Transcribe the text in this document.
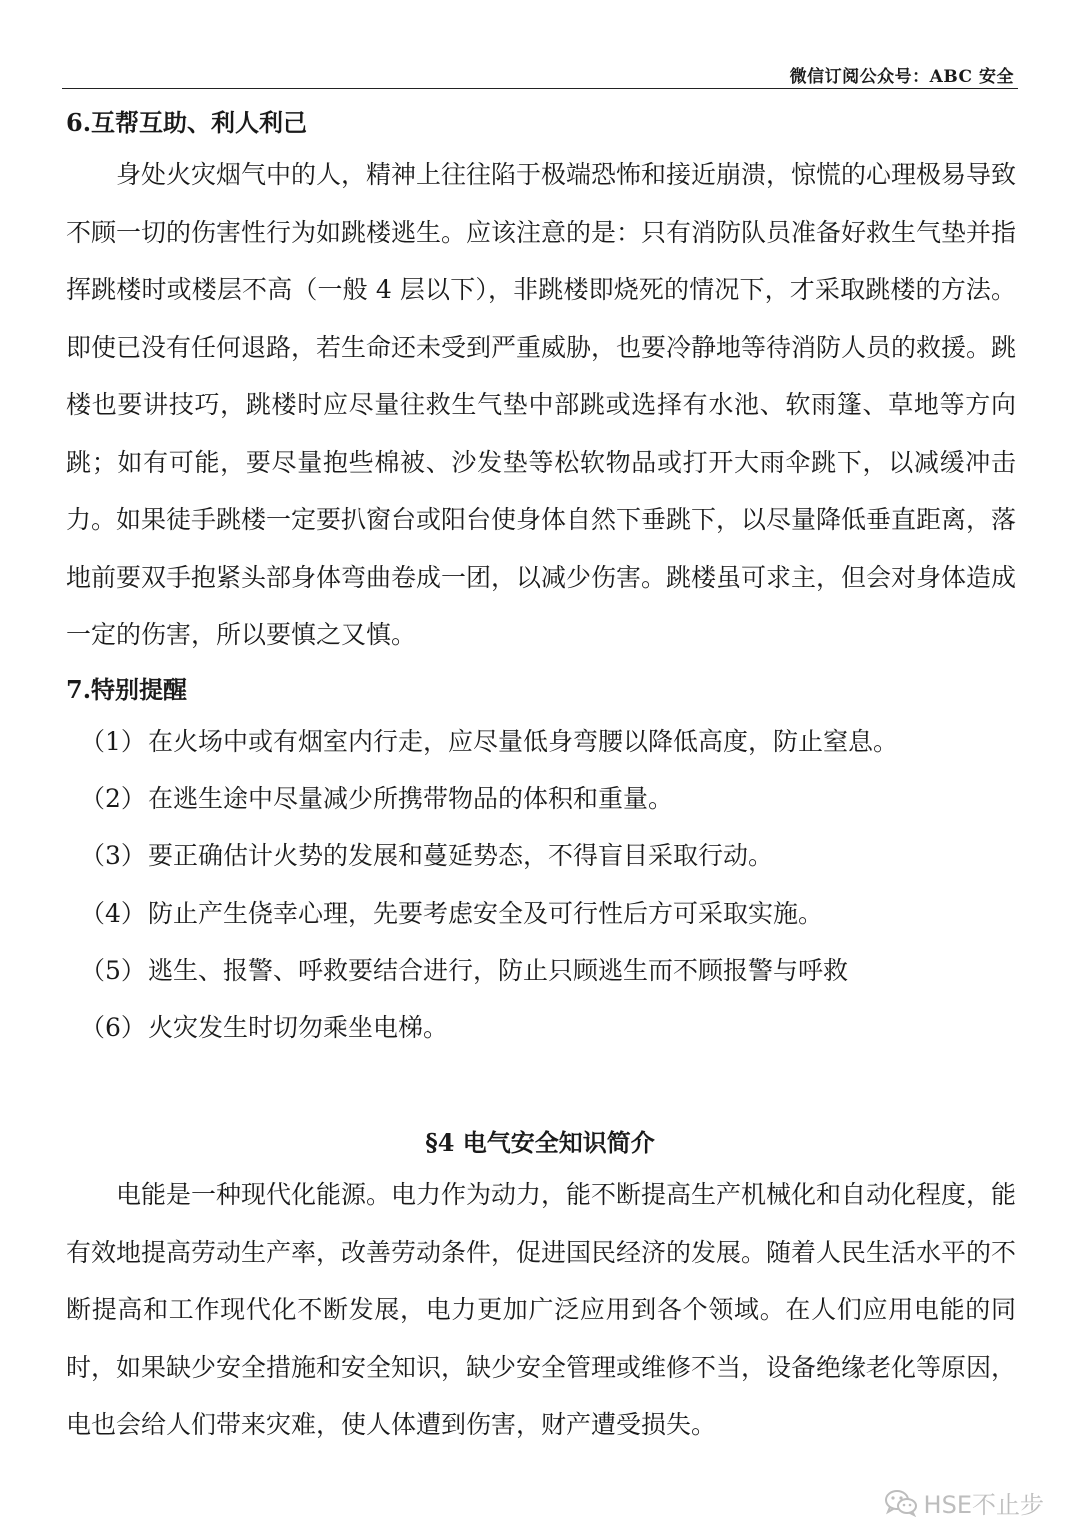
微信订阅公众号：ABC 安全
6.互帮互助、利人利己

身处火灾烟气中的人，精神上往往陷于极端恐怖和接近崩溃，惊慌的心理极易导致不顾一切的伤害性行为如跳楼逃生。应该注意的是：只有消防队员准备好救生气垫并指挥跳楼时或楼层不高（一般 4 层以下），非跳楼即烧死的情况下，才采取跳楼的方法。即使已没有任何退路，若生命还未受到严重威胁，也要冷静地等待消防人员的救援。跳楼也要讲技巧，跳楼时应尽量往救生气垫中部跳或选择有水池、软雨篷、草地等方向跳；如有可能，要尽量抱些棉被、沙发垫等松软物品或打开大雨伞跳下，以减缓冲击力。如果徒手跳楼一定要扒窗台或阳台使身体自然下垂跳下，以尽量降低垂直距离，落地前要双手抱紧头部身体弯曲卷成一团，以减少伤害。跳楼虽可求主，但会对身体造成一定的伤害，所以要慎之又慎。

7.特别提醒
（1）在火场中或有烟室内行走，应尽量低身弯腰以降低高度，防止窒息。
（2）在逃生途中尽量减少所携带物品的体积和重量。
（3）要正确估计火势的发展和蔓延势态，不得盲目采取行动。
（4）防止产生侥幸心理，先要考虑安全及可行性后方可采取实施。
（5）逃生、报警、呼救要结合进行，防止只顾逃生而不顾报警与呼救
（6）火灾发生时切勿乘坐电梯。
§4 电气安全知识简介

电能是一种现代化能源。电力作为动力，能不断提高生产机械化和自动化程度，能有效地提高劳动生产率，改善劳动条件，促进国民经济的发展。随着人民生活水平的不断提高和工作现代化不断发展，电力更加广泛应用到各个领域。在人们应用电能的同时，如果缺少安全措施和安全知识，缺少安全管理或维修不当，设备绝缘老化等原因，电也会给人们带来灾难，使人体遭到伤害，财产遭受损失。

HSE不止步
